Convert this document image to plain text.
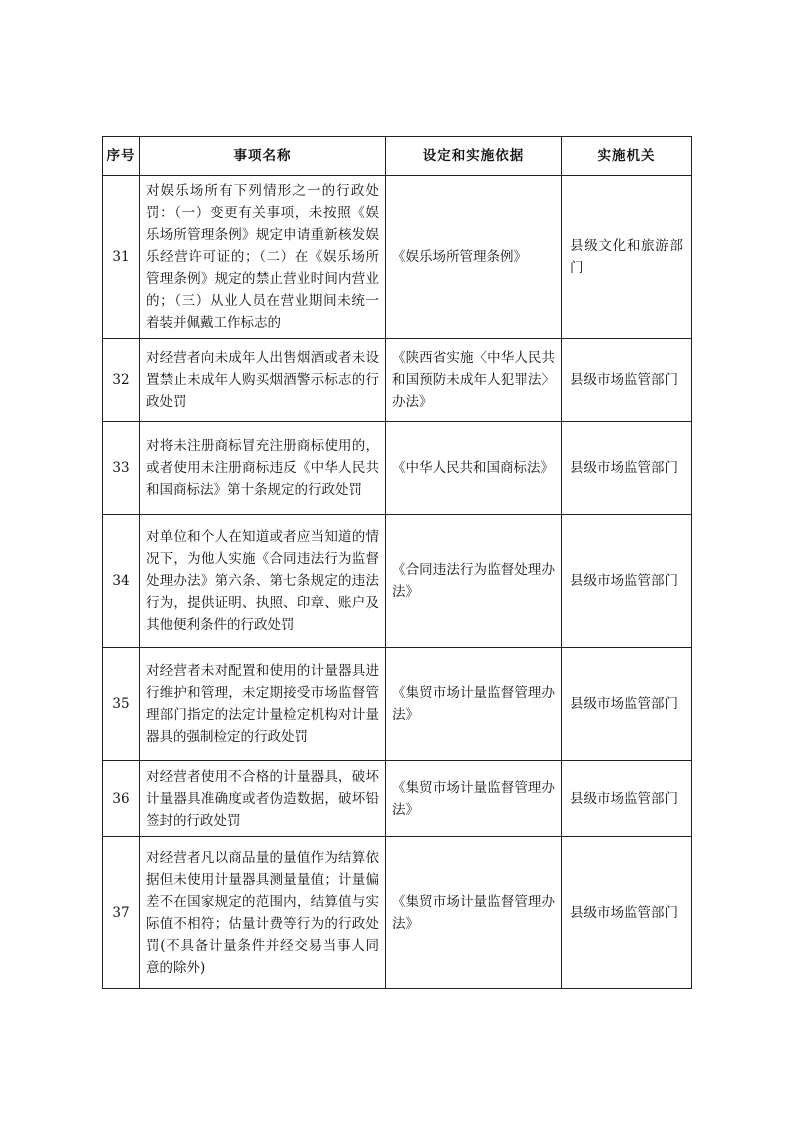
序号	事项名称	设定和实施依据	实施机关
31	对娱乐场所有下列情形之一的行政处罚：（一）变更有关事项，未按照《娱乐场所管理条例》规定申请重新核发娱乐经营许可证的；（二）在《娱乐场所管理条例》规定的禁止营业时间内营业的；（三）从业人员在营业期间未统一着装并佩戴工作标志的	《娱乐场所管理条例》	县级文化和旅游部门
32	对经营者向未成年人出售烟酒或者未设置禁止未成年人购买烟酒警示标志的行政处罚	《陕西省实施〈中华人民共和国预防未成年人犯罪法〉办法》	县级市场监管部门
33	对将未注册商标冒充注册商标使用的，或者使用未注册商标违反《中华人民共和国商标法》第十条规定的行政处罚	《中华人民共和国商标法》	县级市场监管部门
34	对单位和个人在知道或者应当知道的情况下，为他人实施《合同违法行为监督处理办法》第六条、第七条规定的违法行为，提供证明、执照、印章、账户及其他便利条件的行政处罚	《合同违法行为监督处理办法》	县级市场监管部门
35	对经营者未对配置和使用的计量器具进行维护和管理，未定期接受市场监督管理部门指定的法定计量检定机构对计量器具的强制检定的行政处罚	《集贸市场计量监督管理办法》	县级市场监管部门
36	对经营者使用不合格的计量器具，破坏计量器具准确度或者伪造数据，破坏铅签封的行政处罚	《集贸市场计量监督管理办法》	县级市场监管部门
37	对经营者凡以商品量的量值作为结算依据但未使用计量器具测量量值；计量偏差不在国家规定的范围内，结算值与实际值不相符；估量计费等行为的行政处罚(不具备计量条件并经交易当事人同意的除外)	《集贸市场计量监督管理办法》	县级市场监管部门
